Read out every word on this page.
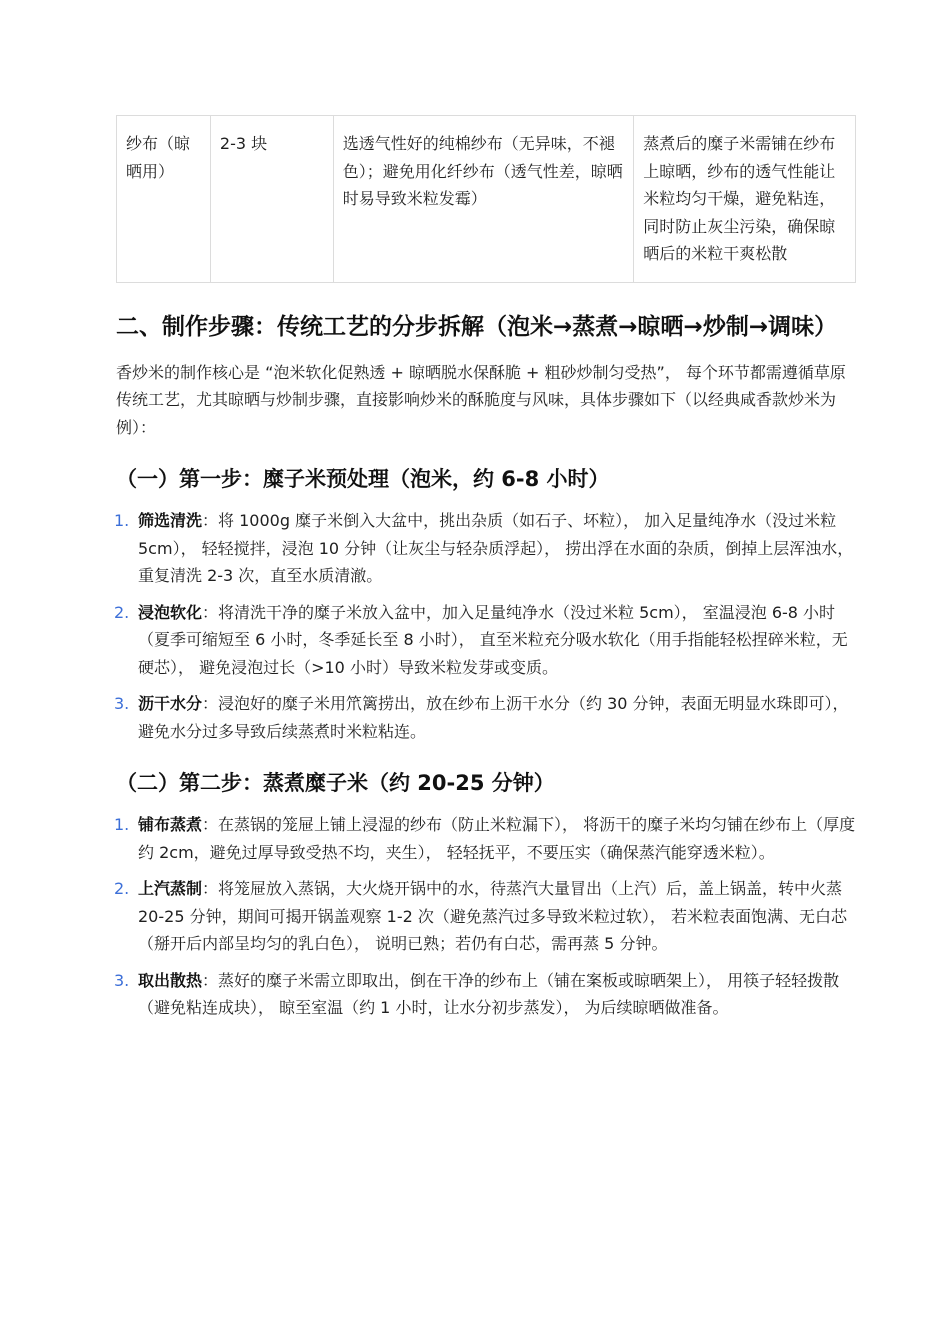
纱布（晾晒用）	2-3 块	选透气性好的纯棉纱布（无异味，不褪色）；避免用化纤纱布（透气性差，晾晒时易导致米粒发霉）	蒸煮后的糜子米需铺在纱布上晾晒，纱布的透气性能让米粒均匀干燥，避免粘连，同时防止灰尘污染，确保晾晒后的米粒干爽松散
二、制作步骤：传统工艺的分步拆解（泡米→蒸煮→晾晒→炒制→调味）

香炒米的制作核心是 “泡米软化促熟透 + 晾晒脱水保酥脆 + 粗砂炒制匀受热”， 每个环节都需遵循草原传统工艺，尤其晾晒与炒制步骤，直接影响炒米的酥脆度与风味，具体步骤如下（以经典咸香款炒米为例）：

（一）第一步：糜子米预处理（泡米，约 6-8 小时）
1. 筛选清洗：将 1000g 糜子米倒入大盆中，挑出杂质（如石子、坏粒）， 加入足量纯净水（没过米粒 5cm）， 轻轻搅拌，浸泡 10 分钟（让灰尘与轻杂质浮起）， 捞出浮在水面的杂质，倒掉上层浑浊水，重复清洗 2-3 次，直至水质清澈。
2. 浸泡软化：将清洗干净的糜子米放入盆中，加入足量纯净水（没过米粒 5cm）， 室温浸泡 6-8 小时（夏季可缩短至 6 小时，冬季延长至 8 小时）， 直至米粒充分吸水软化（用手指能轻松捏碎米粒，无硬芯）， 避免浸泡过长（>10 小时）导致米粒发芽或变质。
3. 沥干水分：浸泡好的糜子米用笊篱捞出，放在纱布上沥干水分（约 30 分钟，表面无明显水珠即可）， 避免水分过多导致后续蒸煮时米粒粘连。
（二）第二步：蒸煮糜子米（约 20-25 分钟）
1. 铺布蒸煮：在蒸锅的笼屉上铺上浸湿的纱布（防止米粒漏下）， 将沥干的糜子米均匀铺在纱布上（厚度约 2cm，避免过厚导致受热不均，夹生）， 轻轻抚平，不要压实（确保蒸汽能穿透米粒）。
2. 上汽蒸制：将笼屉放入蒸锅，大火烧开锅中的水，待蒸汽大量冒出（上汽）后，盖上锅盖，转中火蒸 20-25 分钟，期间可揭开锅盖观察 1-2 次（避免蒸汽过多导致米粒过软）， 若米粒表面饱满、无白芯（掰开后内部呈均匀的乳白色）， 说明已熟；若仍有白芯，需再蒸 5 分钟。
3. 取出散热：蒸好的糜子米需立即取出，倒在干净的纱布上（铺在案板或晾晒架上）， 用筷子轻轻拨散（避免粘连成块）， 晾至室温（约 1 小时，让水分初步蒸发）， 为后续晾晒做准备。
